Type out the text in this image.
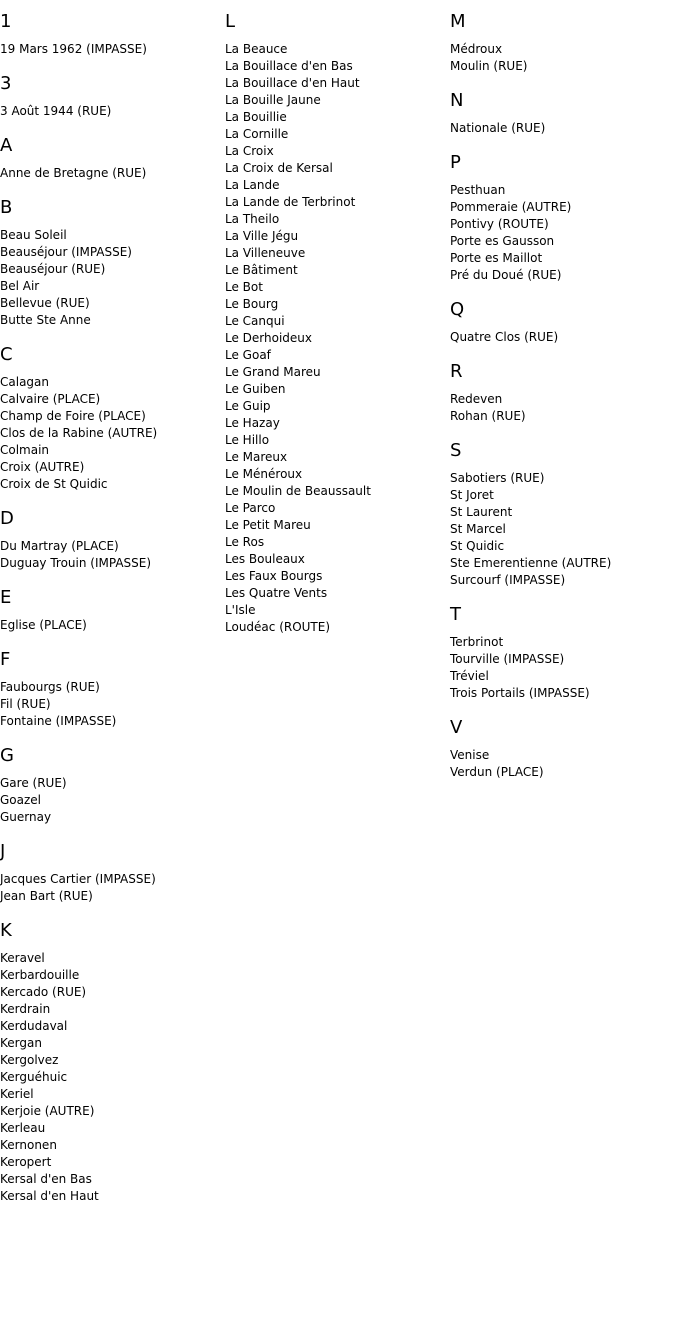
1
19 Mars 1962 (IMPASSE)
3
3 Août 1944 (RUE)
A
Anne de Bretagne (RUE)
B
Beau Soleil
Beauséjour (IMPASSE)
Beauséjour (RUE)
Bel Air
Bellevue (RUE)
Butte Ste Anne
C
Calagan
Calvaire (PLACE)
Champ de Foire (PLACE)
Clos de la Rabine (AUTRE)
Colmain
Croix (AUTRE)
Croix de St Quidic
D
Du Martray (PLACE)
Duguay Trouin (IMPASSE)
E
Eglise (PLACE)
F
Faubourgs (RUE)
Fil (RUE)
Fontaine (IMPASSE)
G
Gare (RUE)
Goazel
Guernay
J
Jacques Cartier (IMPASSE)
Jean Bart (RUE)
K
Keravel
Kerbardouille
Kercado (RUE)
Kerdrain
Kerdudaval
Kergan
Kergolvez
Kerguéhuic
Keriel
Kerjoie (AUTRE)
Kerleau
Kernonen
Keropert
Kersal d'en Bas
Kersal d'en Haut
L
La Beauce
La Bouillace d'en Bas
La Bouillace d'en Haut
La Bouille Jaune
La Bouillie
La Cornille
La Croix
La Croix de Kersal
La Lande
La Lande de Terbrinot
La Theilo
La Ville Jégu
La Villeneuve
Le Bâtiment
Le Bot
Le Bourg
Le Canqui
Le Derhoideux
Le Goaf
Le Grand Mareu
Le Guiben
Le Guip
Le Hazay
Le Hillo
Le Mareux
Le Ménéroux
Le Moulin de Beaussault
Le Parco
Le Petit Mareu
Le Ros
Les Bouleaux
Les Faux Bourgs
Les Quatre Vents
L'Isle
Loudéac (ROUTE)
M
Médroux
Moulin (RUE)
N
Nationale (RUE)
P
Pesthuan
Pommeraie (AUTRE)
Pontivy (ROUTE)
Porte es Gausson
Porte es Maillot
Pré du Doué (RUE)
Q
Quatre Clos (RUE)
R
Redeven
Rohan (RUE)
S
Sabotiers (RUE)
St Joret
St Laurent
St Marcel
St Quidic
Ste Emerentienne (AUTRE)
Surcourf (IMPASSE)
T
Terbrinot
Tourville (IMPASSE)
Tréviel
Trois Portails (IMPASSE)
V
Venise
Verdun (PLACE)
